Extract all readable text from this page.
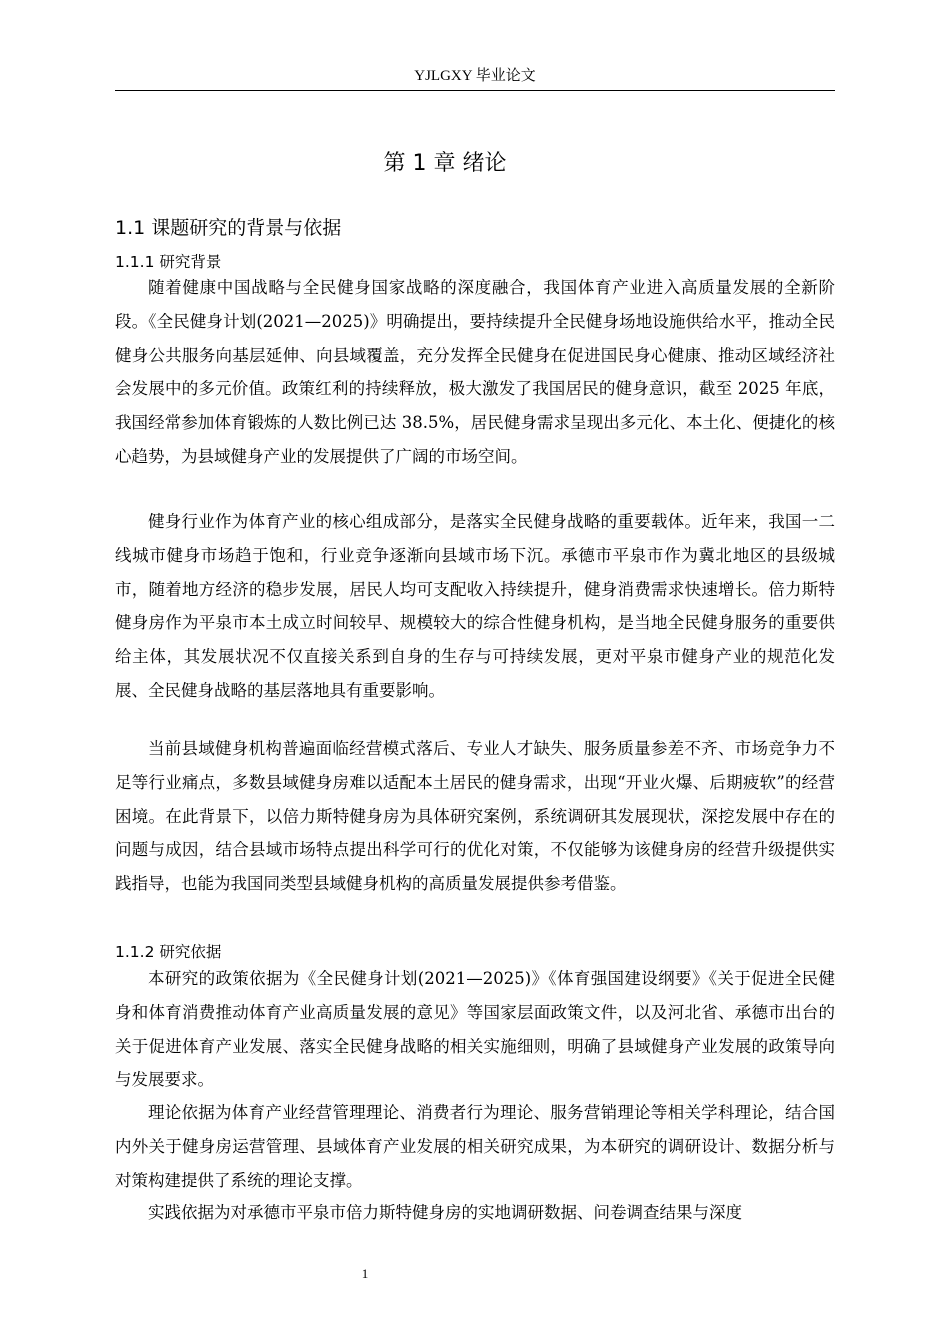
YJLGXY 毕业论文
第 1 章 绪论
1.1 课题研究的背景与依据
1.1.1 研究背景

随着健康中国战略与全民健身国家战略的深度融合，我国体育产业进入高质量发展的全新阶段。《全民健身计划(2021—2025)》明确提出，要持续提升全民健身场地设施供给水平，推动全民健身公共服务向基层延伸、向县域覆盖，充分发挥全民健身在促进国民身心健康、推动区域经济社会发展中的多元价值。政策红利的持续释放，极大激发了我国居民的健身意识，截至 2025 年底，我国经常参加体育锻炼的人数比例已达 38.5%，居民健身需求呈现出多元化、本土化、便捷化的核心趋势，为县域健身产业的发展提供了广阔的市场空间。

健身行业作为体育产业的核心组成部分，是落实全民健身战略的重要载体。近年来，我国一二线城市健身市场趋于饱和，行业竞争逐渐向县域市场下沉。承德市平泉市作为冀北地区的县级城市，随着地方经济的稳步发展，居民人均可支配收入持续提升，健身消费需求快速增长。倍力斯特健身房作为平泉市本土成立时间较早、规模较大的综合性健身机构，是当地全民健身服务的重要供给主体，其发展状况不仅直接关系到自身的生存与可持续发展，更对平泉市健身产业的规范化发展、全民健身战略的基层落地具有重要影响。

当前县域健身机构普遍面临经营模式落后、专业人才缺失、服务质量参差不齐、市场竞争力不足等行业痛点，多数县域健身房难以适配本土居民的健身需求，出现“开业火爆、后期疲软”的经营困境。在此背景下，以倍力斯特健身房为具体研究案例，系统调研其发展现状，深挖发展中存在的问题与成因，结合县域市场特点提出科学可行的优化对策，不仅能够为该健身房的经营升级提供实践指导，也能为我国同类型县域健身机构的高质量发展提供参考借鉴。

1.1.2 研究依据

本研究的政策依据为《全民健身计划(2021—2025)》《体育强国建设纲要》《关于促进全民健身和体育消费推动体育产业高质量发展的意见》等国家层面政策文件，以及河北省、承德市出台的关于促进体育产业发展、落实全民健身战略的相关实施细则，明确了县域健身产业发展的政策导向与发展要求。

理论依据为体育产业经营管理理论、消费者行为理论、服务营销理论等相关学科理论，结合国内外关于健身房运营管理、县域体育产业发展的相关研究成果，为本研究的调研设计、数据分析与对策构建提供了系统的理论支撑。

实践依据为对承德市平泉市倍力斯特健身房的实地调研数据、问卷调查结果与深度

1
